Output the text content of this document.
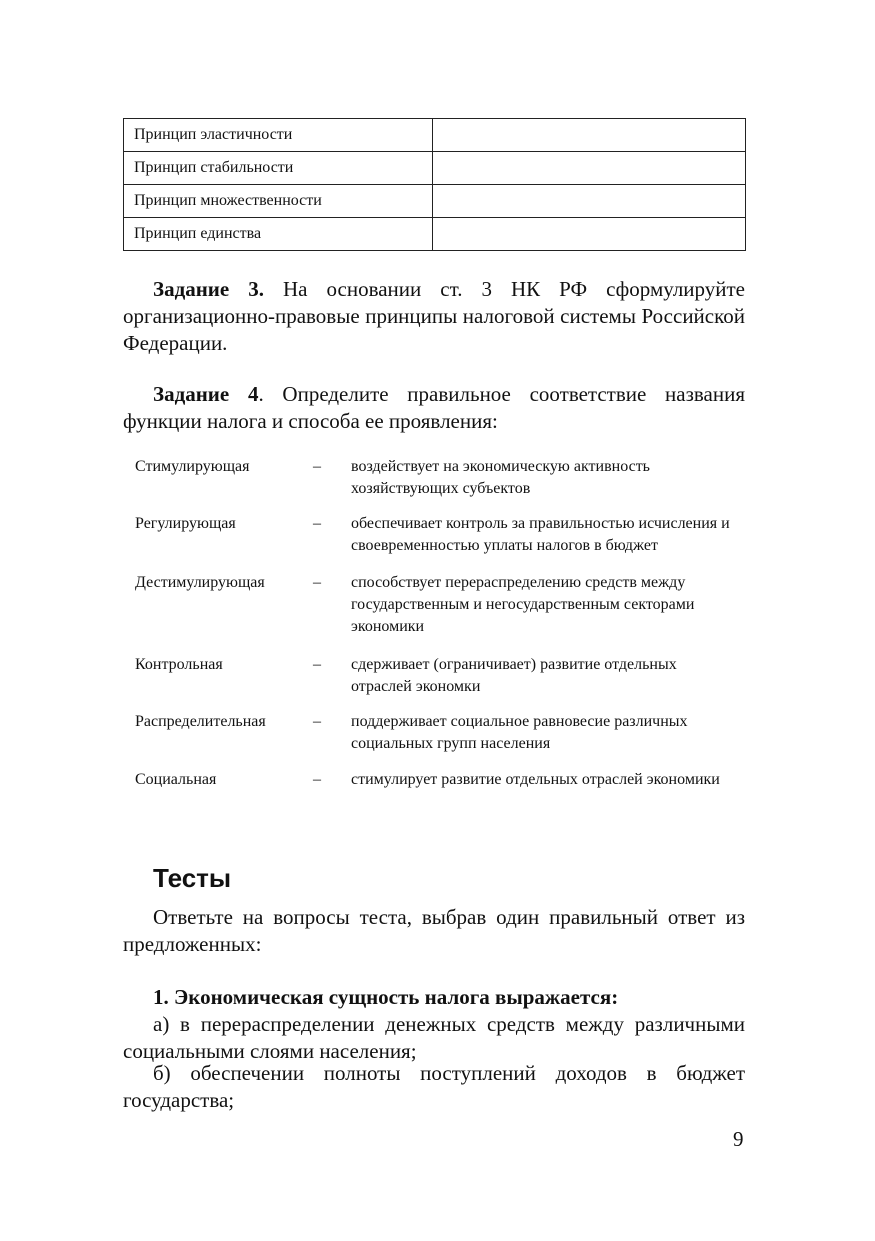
Принцип эластичности	
Принцип стабильности	
Принцип множественности	
Принцип единства	

Задание 3. На основании ст. 3 НК РФ сформулируйте организационно-правовые принципы налоговой системы Российской Федерации.

Задание 4. Определите правильное соответствие названия функции налога и способа ее проявления:

Стимулирующая	–	воздействует на экономическую активность хозяйствующих субъектов
Регулирующая	–	обеспечивает контроль за правильностью исчисления и своевременностью уплаты налогов в бюджет
Дестимулирующая	–	способствует перераспределению средств между государственным и негосударственным секторами экономики
Контрольная	–	сдерживает (ограничивает) развитие отдельных отраслей экономки
Распределительная	–	поддерживает социальное равновесие различных социальных групп населения
Социальная	–	стимулирует развитие отдельных отраслей экономики
Тесты

Ответьте на вопросы теста, выбрав один правильный ответ из предложенных:

1. Экономическая сущность налога выражается:

а) в перераспределении денежных средств между различными социальными слоями населения;

б) обеспечении полноты поступлений доходов в бюджет государства;

9
